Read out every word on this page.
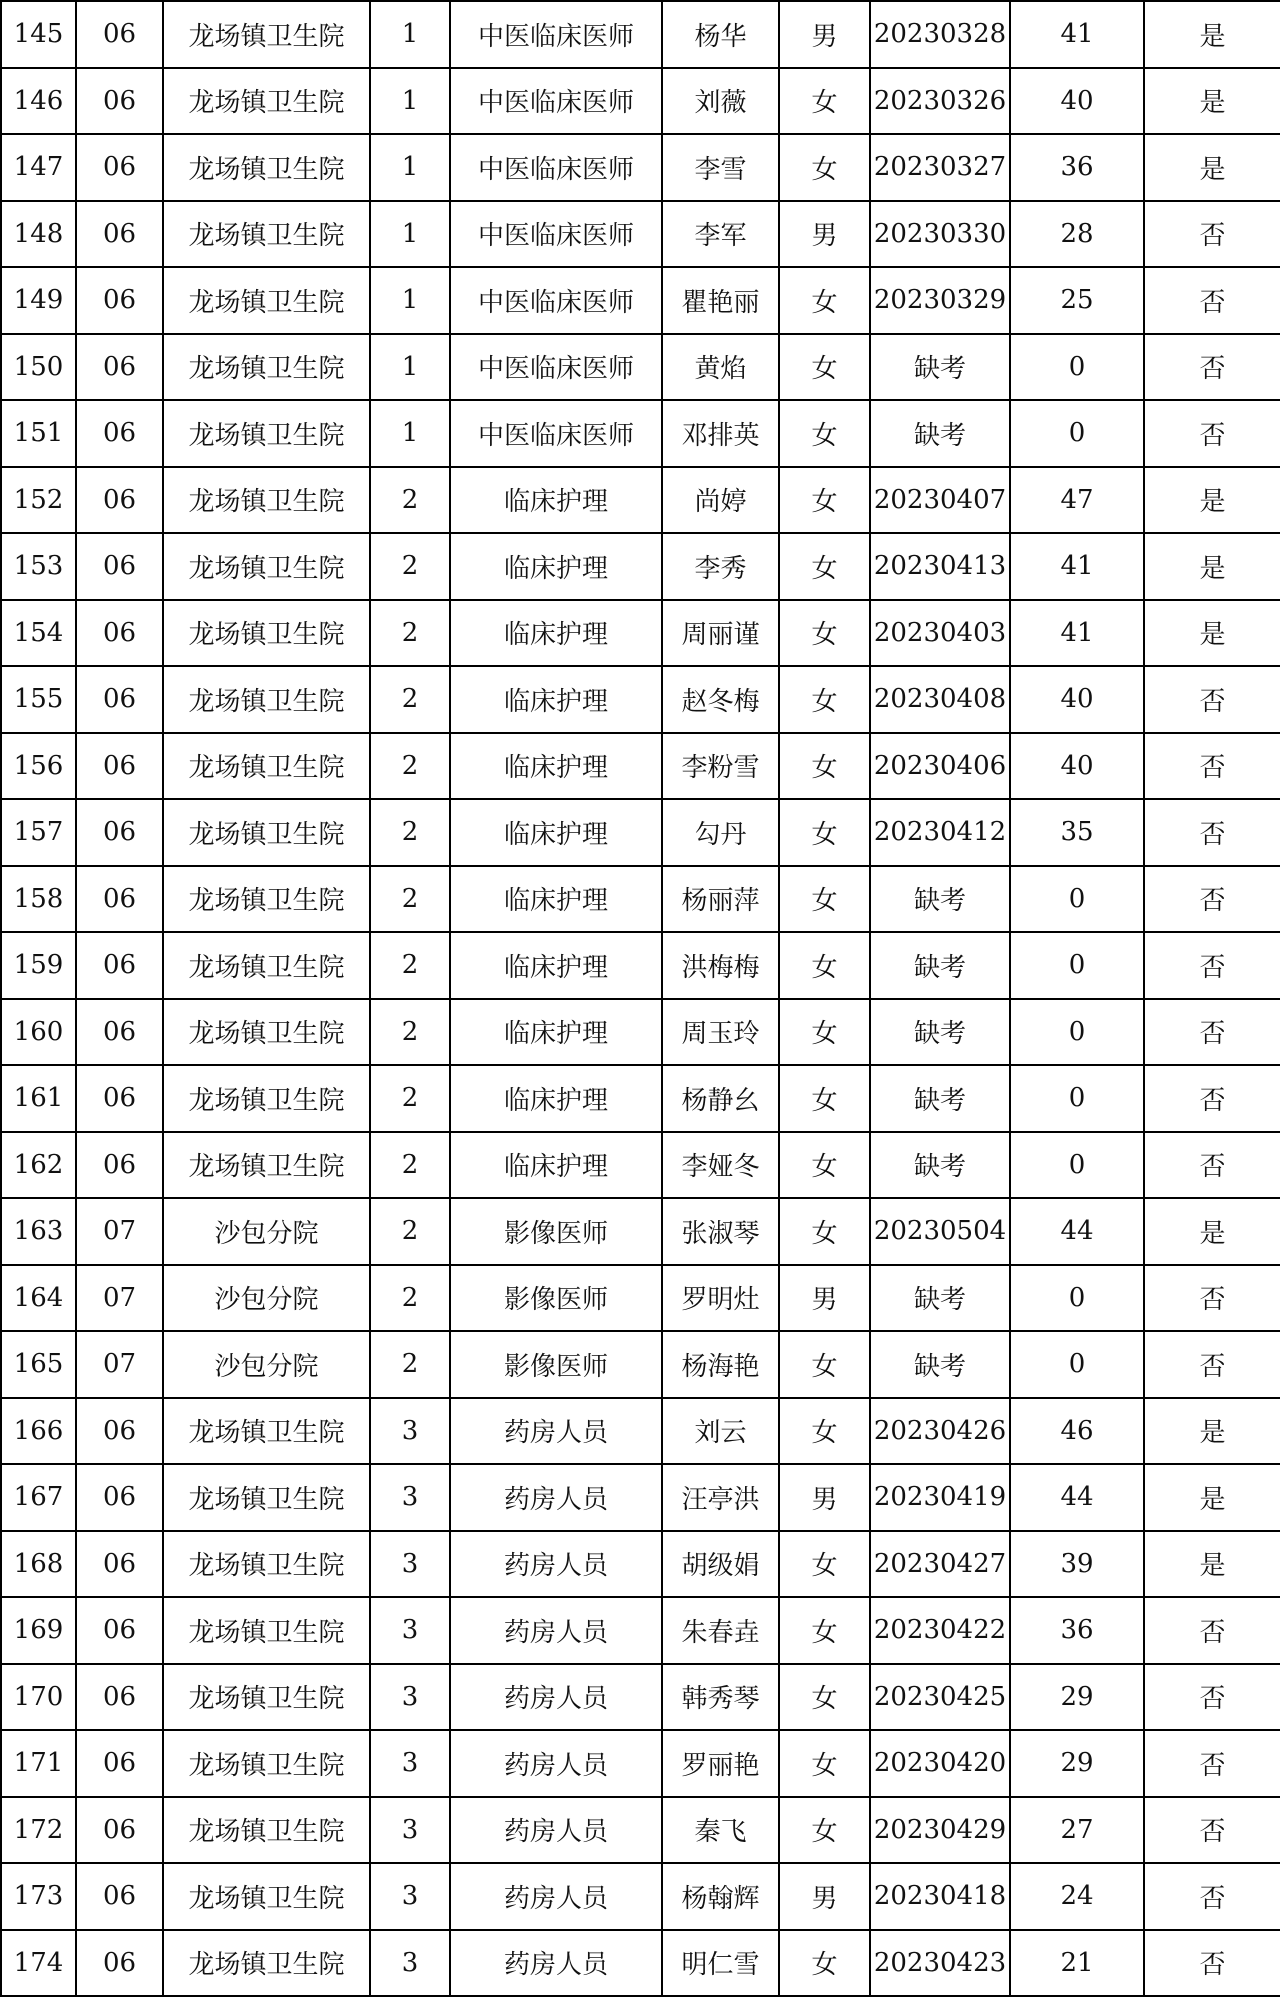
145	06	龙场镇卫生院	1	中医临床医师	杨华	男	20230328	41	是
146	06	龙场镇卫生院	1	中医临床医师	刘薇	女	20230326	40	是
147	06	龙场镇卫生院	1	中医临床医师	李雪	女	20230327	36	是
148	06	龙场镇卫生院	1	中医临床医师	李军	男	20230330	28	否
149	06	龙场镇卫生院	1	中医临床医师	瞿艳丽	女	20230329	25	否
150	06	龙场镇卫生院	1	中医临床医师	黄焰	女	缺考	0	否
151	06	龙场镇卫生院	1	中医临床医师	邓排英	女	缺考	0	否
152	06	龙场镇卫生院	2	临床护理	尚婷	女	20230407	47	是
153	06	龙场镇卫生院	2	临床护理	李秀	女	20230413	41	是
154	06	龙场镇卫生院	2	临床护理	周丽谨	女	20230403	41	是
155	06	龙场镇卫生院	2	临床护理	赵冬梅	女	20230408	40	否
156	06	龙场镇卫生院	2	临床护理	李粉雪	女	20230406	40	否
157	06	龙场镇卫生院	2	临床护理	勾丹	女	20230412	35	否
158	06	龙场镇卫生院	2	临床护理	杨丽萍	女	缺考	0	否
159	06	龙场镇卫生院	2	临床护理	洪梅梅	女	缺考	0	否
160	06	龙场镇卫生院	2	临床护理	周玉玲	女	缺考	0	否
161	06	龙场镇卫生院	2	临床护理	杨静幺	女	缺考	0	否
162	06	龙场镇卫生院	2	临床护理	李娅冬	女	缺考	0	否
163	07	沙包分院	2	影像医师	张淑琴	女	20230504	44	是
164	07	沙包分院	2	影像医师	罗明灶	男	缺考	0	否
165	07	沙包分院	2	影像医师	杨海艳	女	缺考	0	否
166	06	龙场镇卫生院	3	药房人员	刘云	女	20230426	46	是
167	06	龙场镇卫生院	3	药房人员	汪亭洪	男	20230419	44	是
168	06	龙场镇卫生院	3	药房人员	胡级娟	女	20230427	39	是
169	06	龙场镇卫生院	3	药房人员	朱春垚	女	20230422	36	否
170	06	龙场镇卫生院	3	药房人员	韩秀琴	女	20230425	29	否
171	06	龙场镇卫生院	3	药房人员	罗丽艳	女	20230420	29	否
172	06	龙场镇卫生院	3	药房人员	秦飞	女	20230429	27	否
173	06	龙场镇卫生院	3	药房人员	杨翰辉	男	20230418	24	否
174	06	龙场镇卫生院	3	药房人员	明仁雪	女	20230423	21	否
